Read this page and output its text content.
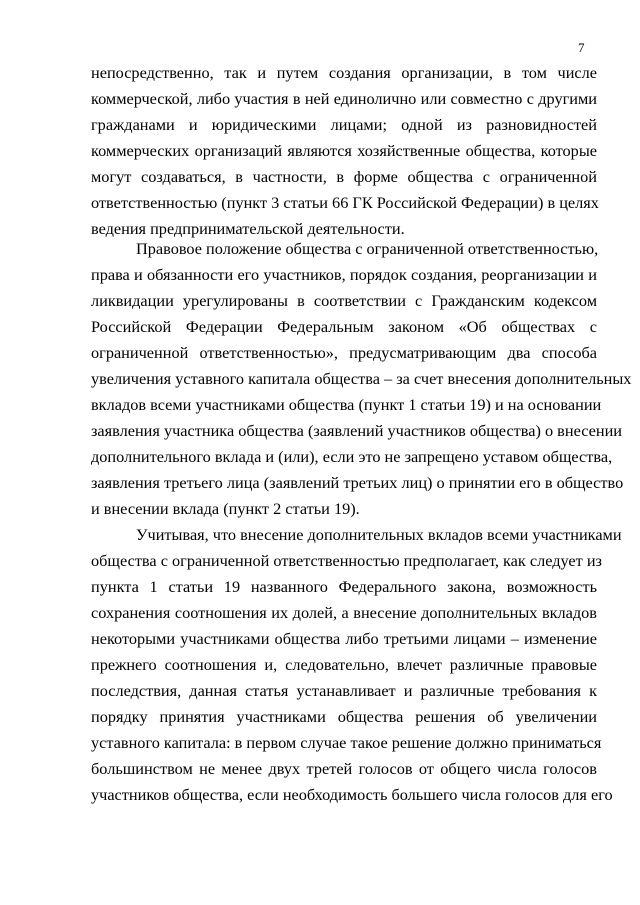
7
непосредственно, так и путем создания организации, в том числе
коммерческой, либо участия в ней единолично или совместно с другими
гражданами и юридическими лицами; одной из разновидностей
коммерческих организаций являются хозяйственные общества, которые
могут создаваться, в частности, в форме общества с ограниченной
ответственностью (пункт 3 статьи 66 ГК Российской Федерации) в целях
ведения предпринимательской деятельности.
Правовое положение общества с ограниченной ответственностью,
права и обязанности его участников, порядок создания, реорганизации и
ликвидации урегулированы в соответствии с Гражданским кодексом
Российской Федерации Федеральным законом «Об обществах с
ограниченной ответственностью», предусматривающим два способа
увеличения уставного капитала общества – за счет внесения дополнительных
вкладов всеми участниками общества (пункт 1 статьи 19) и на основании
заявления участника общества (заявлений участников общества) о внесении
дополнительного вклада и (или), если это не запрещено уставом общества,
заявления третьего лица (заявлений третьих лиц) о принятии его в общество
и внесении вклада (пункт 2 статьи 19).
Учитывая, что внесение дополнительных вкладов всеми участниками
общества с ограниченной ответственностью предполагает, как следует из
пункта 1 статьи 19 названного Федерального закона, возможность
сохранения соотношения их долей, а внесение дополнительных вкладов
некоторыми участниками общества либо третьими лицами – изменение
прежнего соотношения и, следовательно, влечет различные правовые
последствия, данная статья устанавливает и различные требования к
порядку принятия участниками общества решения об увеличении
уставного капитала: в первом случае такое решение должно приниматься
большинством не менее двух третей голосов от общего числа голосов
участников общества, если необходимость большего числа голосов для его
